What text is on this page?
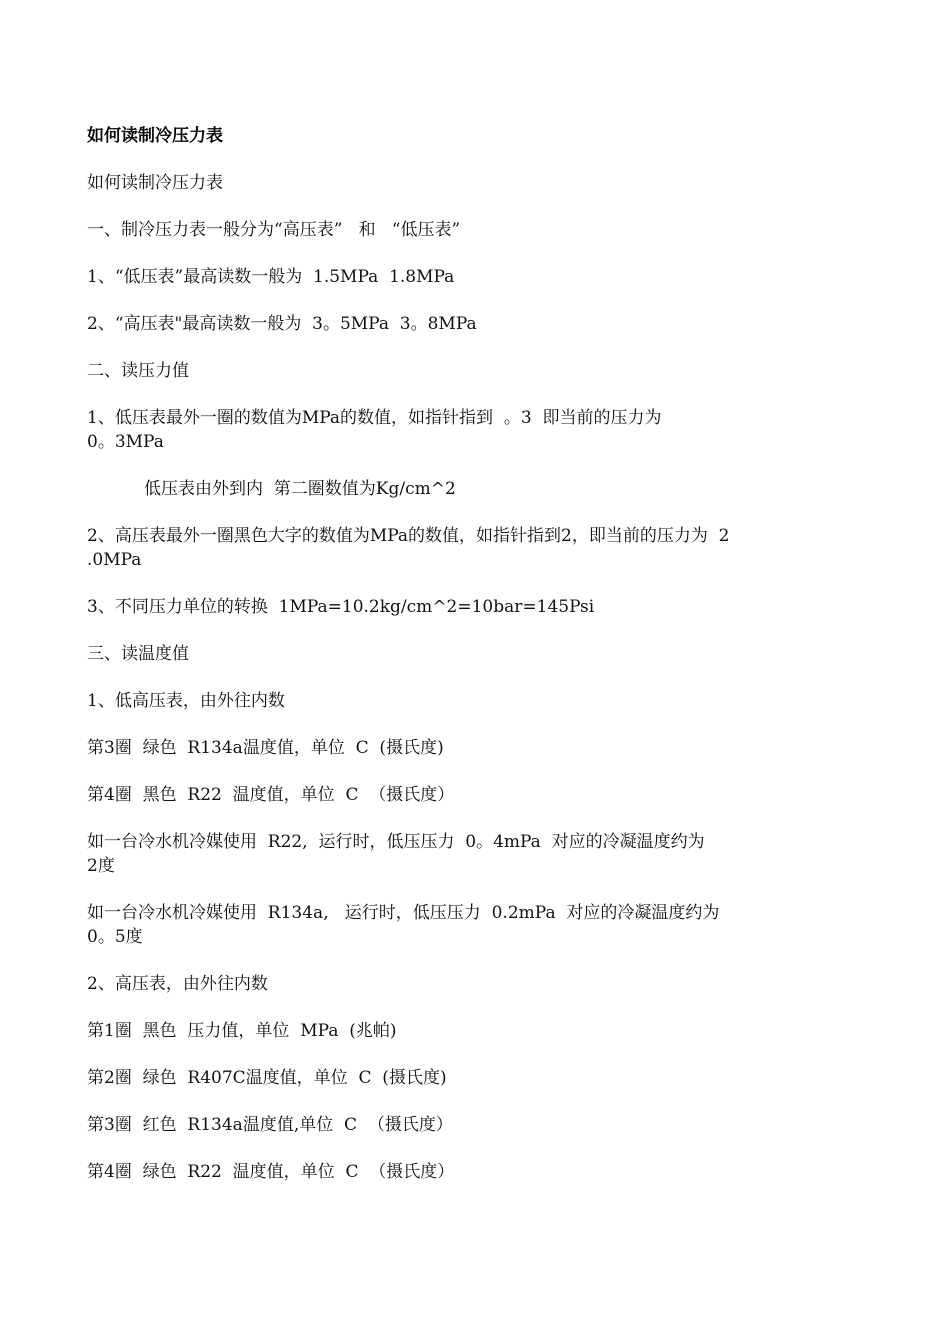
如何读制冷压力表
如何读制冷压力表
一、制冷压力表一般分为“高压表”   和   “低压表”
1、“低压表”最高读数一般为  1.5MPa  1.8MPa
2、“高压表"最高读数一般为  3。5MPa  3。8MPa
二、读压力值
1、低压表最外一圈的数值为MPa的数值，如指针指到  。3  即当前的压力为
0。3MPa
低压表由外到内  第二圈数值为Kg/cm^2
2、高压表最外一圈黑色大字的数值为MPa的数值，如指针指到2，即当前的压力为  2
.0MPa
3、不同压力单位的转换  1MPa=10.2kg/cm^2=10bar=145Psi
三、读温度值
1、低高压表，由外往内数
第3圈  绿色  R134a温度值，单位  C  (摄氏度)
第4圈  黑色  R22  温度值，单位  C  （摄氏度）
如一台冷水机冷媒使用  R22,  运行时，低压压力  0。4mPa  对应的冷凝温度约为
2度
如一台冷水机冷媒使用  R134a,   运行时，低压压力  0.2mPa  对应的冷凝温度约为
0。5度
2、高压表，由外往内数
第1圈  黑色  压力值，单位  MPa  (兆帕)
第2圈  绿色  R407C温度值，单位  C  (摄氏度)
第3圈  红色  R134a温度值,单位  C  （摄氏度）
第4圈  绿色  R22  温度值，单位  C  （摄氏度）
